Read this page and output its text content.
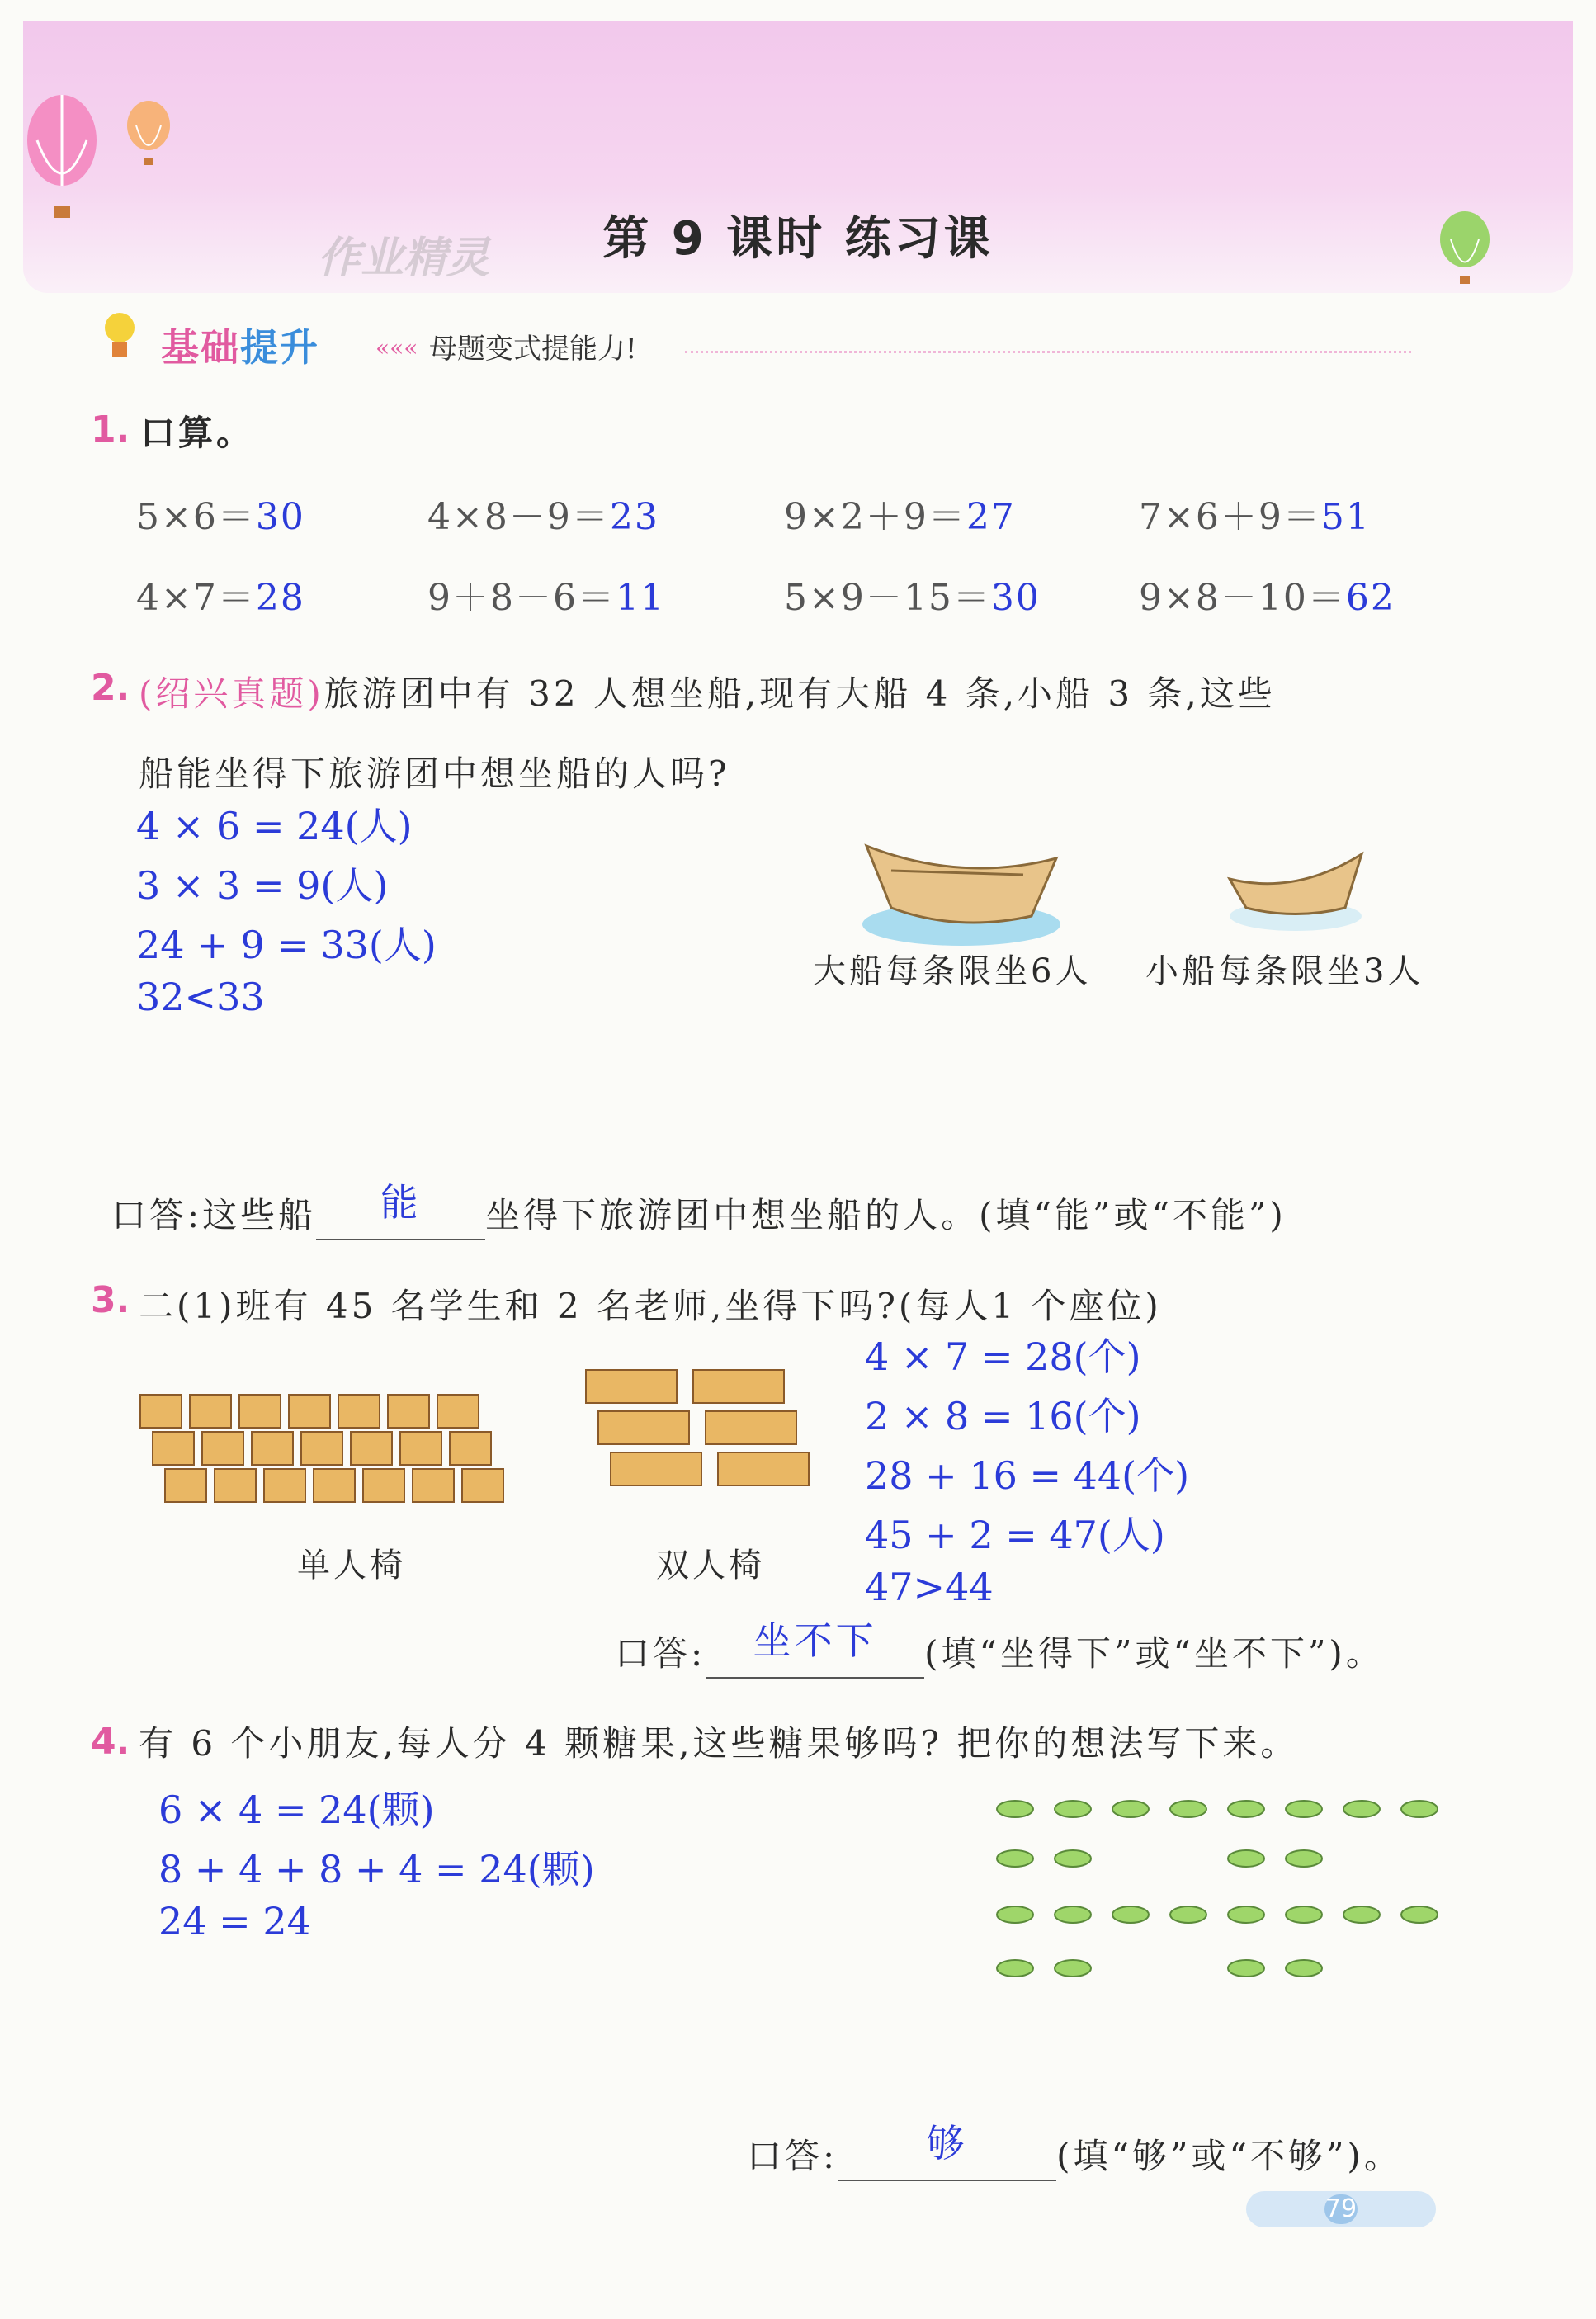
第 9 课时 练习课
作业精灵
基础提升 ««« 母题变式提能力!
1. 口算。
5×6＝30	4×8－9＝23	9×2＋9＝27	7×6＋9＝51
4×7＝28	9＋8－6＝11	5×9－15＝30	9×8－10＝62
2. (绍兴真题)旅游团中有 32 人想坐船,现有大船 4 条,小船 3 条,这些
船能坐得下旅游团中想坐船的人吗?
4 × 6 = 24(人)
3 × 3 = 9(人)
24 + 9 = 33(人)
32<33
大船每条限坐6人 小船每条限坐3人
口答:这些船 能 坐得下旅游团中想坐船的人。(填“能”或“不能”)
3. 二(1)班有 45 名学生和 2 名老师,坐得下吗?(每人1 个座位)
4 × 7 = 28(个)
2 × 8 = 16(个)
28 + 16 = 44(个)
45 + 2 = 47(人)
47>44
单人椅	双人椅
口答: 坐不下 (填“坐得下”或“坐不下”)。
4. 有 6 个小朋友,每人分 4 颗糖果,这些糖果够吗? 把你的想法写下来。
6 × 4 = 24(颗)
8 + 4 + 8 + 4 = 24(颗)
24 = 24
口答: 够	(填“够”或“不够”)。
79
